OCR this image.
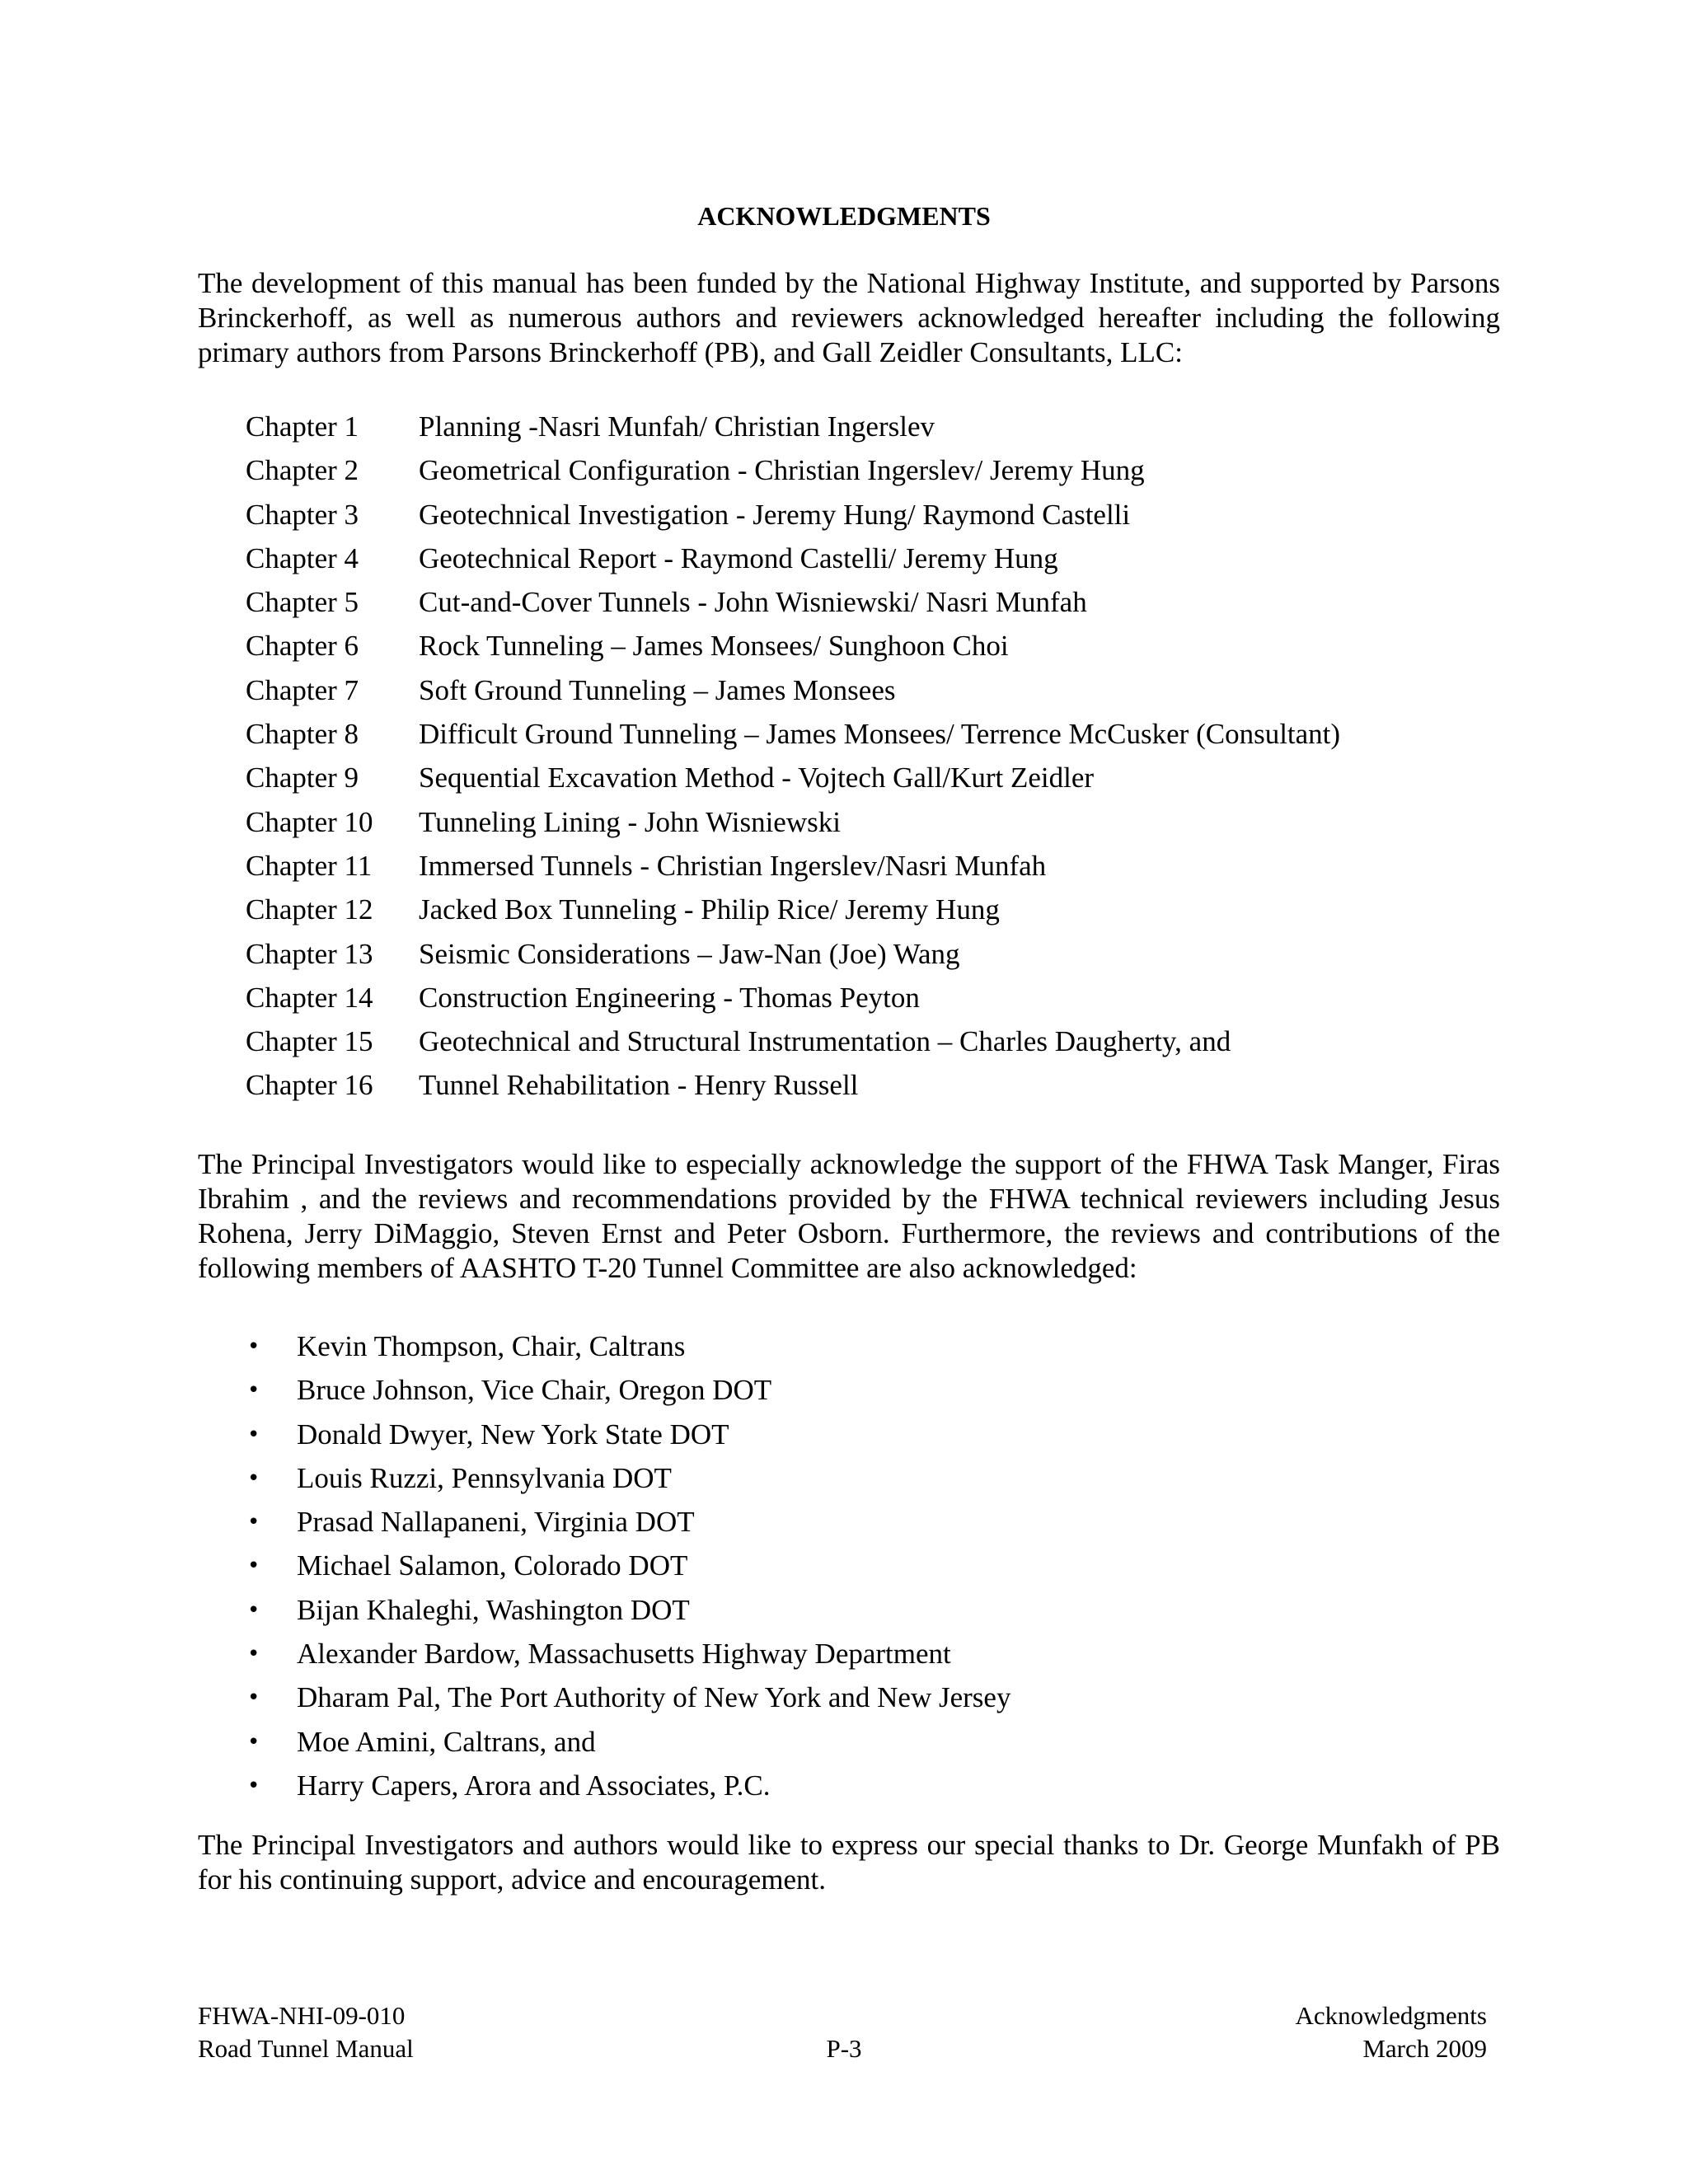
ACKNOWLEDGMENTS
The development of this manual has been funded by the National Highway Institute, and supported by Parsons Brinckerhoff, as well as numerous authors and reviewers acknowledged hereafter including the following primary authors from Parsons Brinckerhoff (PB), and Gall Zeidler Consultants, LLC:
Chapter 1	Planning -Nasri Munfah/ Christian Ingerslev
Chapter 2	Geometrical Configuration - Christian Ingerslev/ Jeremy Hung
Chapter 3	Geotechnical Investigation - Jeremy Hung/ Raymond Castelli
Chapter 4	Geotechnical Report - Raymond Castelli/ Jeremy Hung
Chapter 5	Cut-and-Cover Tunnels - John Wisniewski/ Nasri Munfah
Chapter 6	Rock Tunneling – James Monsees/ Sunghoon Choi
Chapter 7	Soft Ground Tunneling – James Monsees
Chapter 8	Difficult Ground Tunneling – James Monsees/ Terrence McCusker (Consultant)
Chapter 9	Sequential Excavation Method - Vojtech Gall/Kurt Zeidler
Chapter 10	Tunneling Lining - John Wisniewski
Chapter 11	Immersed Tunnels - Christian Ingerslev/Nasri Munfah
Chapter 12	Jacked Box Tunneling - Philip Rice/ Jeremy Hung
Chapter 13	Seismic Considerations – Jaw-Nan (Joe) Wang
Chapter 14	Construction Engineering - Thomas Peyton
Chapter 15	Geotechnical and Structural Instrumentation – Charles Daugherty, and
Chapter 16	Tunnel Rehabilitation - Henry Russell
The Principal Investigators would like to especially acknowledge the support of the FHWA Task Manger, Firas Ibrahim , and the reviews and recommendations provided by the FHWA technical reviewers including Jesus Rohena, Jerry DiMaggio, Steven Ernst and Peter Osborn. Furthermore, the reviews and contributions of the following members of AASHTO T-20 Tunnel Committee are also acknowledged:
•	Kevin Thompson, Chair, Caltrans
•	Bruce Johnson, Vice Chair, Oregon DOT
•	Donald Dwyer, New York State DOT
•	Louis Ruzzi, Pennsylvania DOT
•	Prasad Nallapaneni, Virginia DOT
•	Michael Salamon, Colorado DOT
•	Bijan Khaleghi, Washington DOT
•	Alexander Bardow, Massachusetts Highway Department
•	Dharam Pal, The Port Authority of New York and New Jersey
•	Moe Amini, Caltrans, and
•	Harry Capers, Arora and Associates, P.C.
The Principal Investigators and authors would like to express our special thanks to Dr. George Munfakh of PB for his continuing support, advice and encouragement.
FHWA-NHI-09-010
Road Tunnel Manual	P-3
Acknowledgments
March 2009
